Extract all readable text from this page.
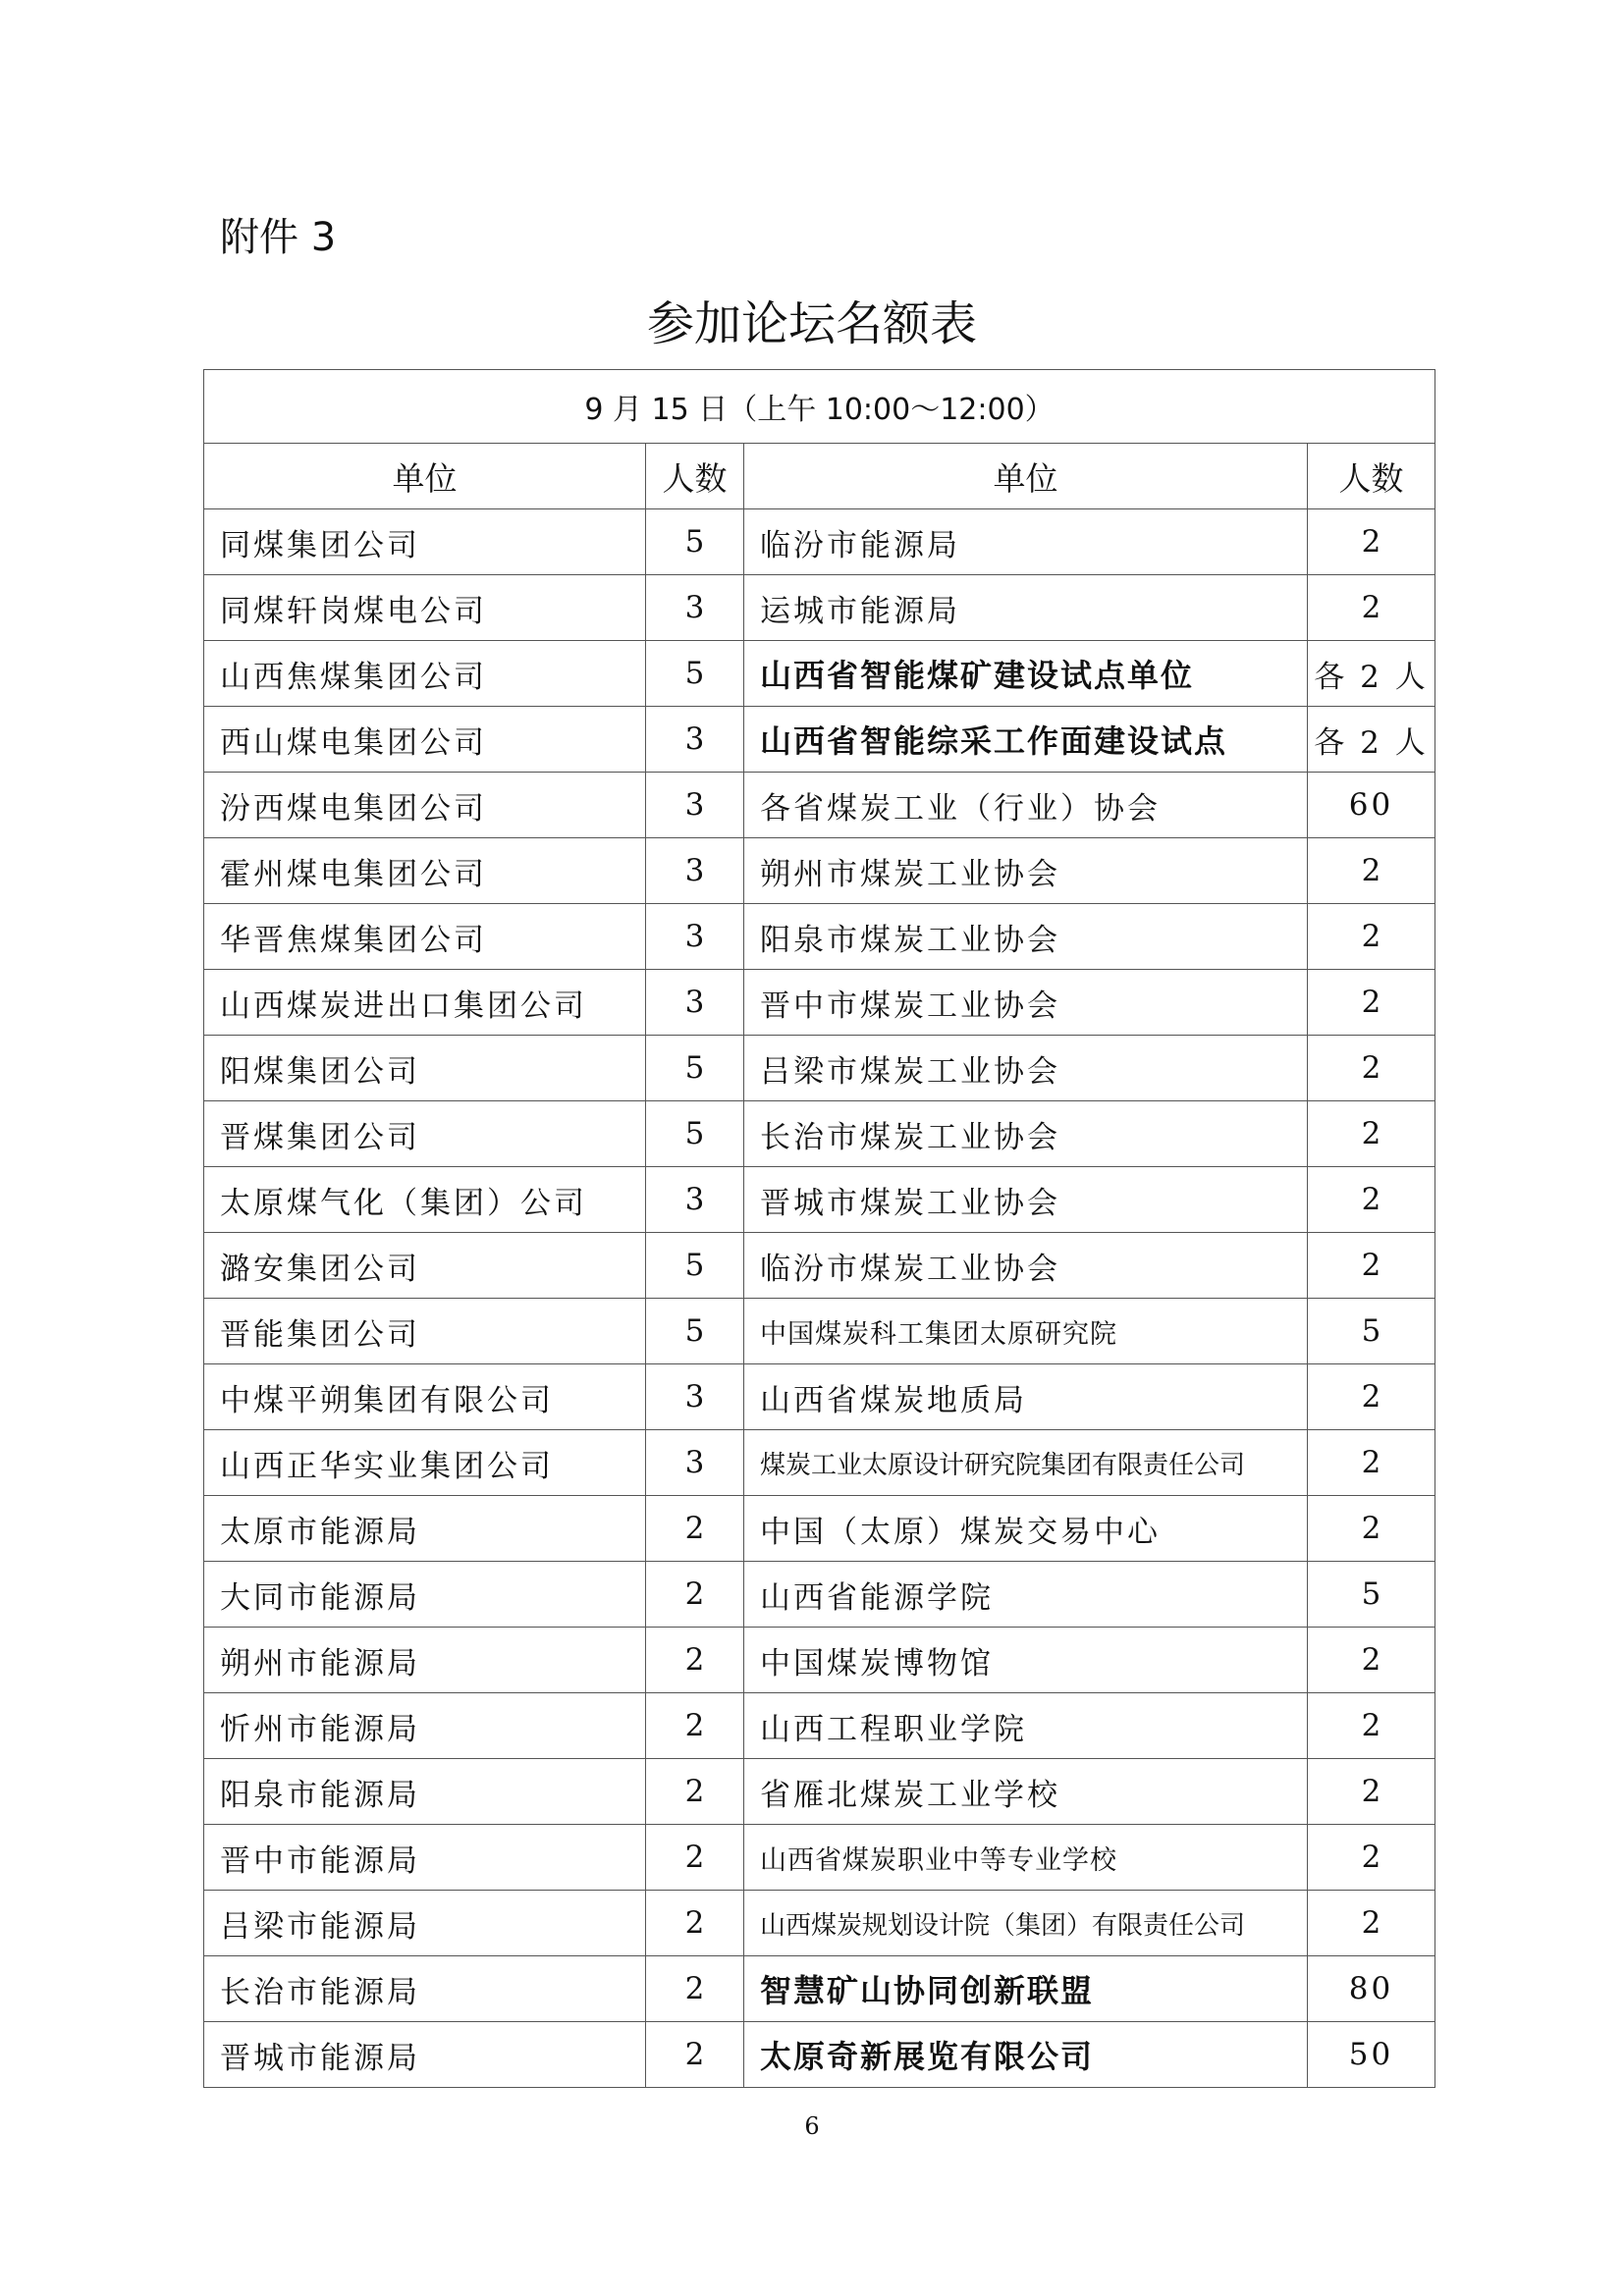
附件 3
参加论坛名额表
9 月 15 日（上午 10:00～12:00）			
单位	人数	单位	人数
同煤集团公司	5	临汾市能源局	2
同煤轩岗煤电公司	3	运城市能源局	2
山西焦煤集团公司	5	山西省智能煤矿建设试点单位	各 2 人
西山煤电集团公司	3	山西省智能综采工作面建设试点	各 2 人
汾西煤电集团公司	3	各省煤炭工业（行业）协会	60
霍州煤电集团公司	3	朔州市煤炭工业协会	2
华晋焦煤集团公司	3	阳泉市煤炭工业协会	2
山西煤炭进出口集团公司	3	晋中市煤炭工业协会	2
阳煤集团公司	5	吕梁市煤炭工业协会	2
晋煤集团公司	5	长治市煤炭工业协会	2
太原煤气化（集团）公司	3	晋城市煤炭工业协会	2
潞安集团公司	5	临汾市煤炭工业协会	2
晋能集团公司	5	中国煤炭科工集团太原研究院	5
中煤平朔集团有限公司	3	山西省煤炭地质局	2
山西正华实业集团公司	3	煤炭工业太原设计研究院集团有限责任公司	2
太原市能源局	2	中国（太原）煤炭交易中心	2
大同市能源局	2	山西省能源学院	5
朔州市能源局	2	中国煤炭博物馆	2
忻州市能源局	2	山西工程职业学院	2
阳泉市能源局	2	省雁北煤炭工业学校	2
晋中市能源局	2	山西省煤炭职业中等专业学校	2
吕梁市能源局	2	山西煤炭规划设计院（集团）有限责任公司	2
长治市能源局	2	智慧矿山协同创新联盟	80
晋城市能源局	2	太原奇新展览有限公司	50
6
